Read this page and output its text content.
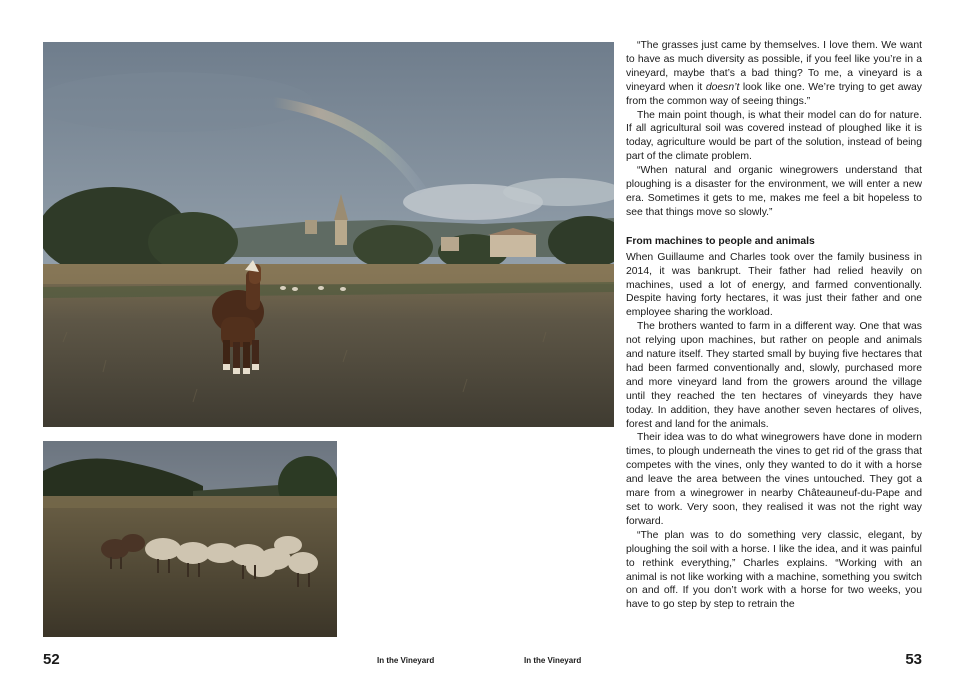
“The grasses just came by themselves. I love them. We want to have as much diversity as possible, if you feel like you’re in a vineyard, maybe that’s a bad thing? To me, a vineyard is a vineyard when it doesn’t look like one. We’re trying to get away from the common way of seeing things.”

The main point though, is what their model can do for nature. If all agricultural soil was covered instead of ploughed like it is today, agriculture would be part of the solution, instead of being part of the climate problem.

“When natural and organic winegrowers understand that ploughing is a disaster for the environment, we will enter a new era. Sometimes it gets to me, makes me feel a bit hopeless to see that things move so slowly.”

From machines to people and animals

When Guillaume and Charles took over the family business in 2014, it was bankrupt. Their father had relied heavily on machines, used a lot of energy, and farmed conventionally. Despite having forty hectares, it was just their father and one employee sharing the workload.

The brothers wanted to farm in a different way. One that was not relying upon machines, but rather on people and animals and nature itself. They started small by buying five hectares that had been farmed conventionally and, slowly, purchased more and more vineyard land from the growers around the village until they reached the ten hectares of vineyards they have today. In addition, they have another seven hectares of olives, forest and land for the animals.

Their idea was to do what winegrowers have done in modern times, to plough underneath the vines to get rid of the grass that competes with the vines, only they wanted to do it with a horse and leave the area between the vines untouched. They got a mare from a winegrower in nearby Châteauneuf-du-Pape and set to work. Very soon, they realised it was not the right way forward.

“The plan was to do something very classic, elegant, by ploughing the soil with a horse. I like the idea, and it was painful to rethink everything,” Charles explains. “Working with an animal is not like working with a machine, something you switch on and off. If you don’t work with a horse for two weeks, you have to go step by step to retrain the

52	In the Vineyard	In the Vineyard	53
